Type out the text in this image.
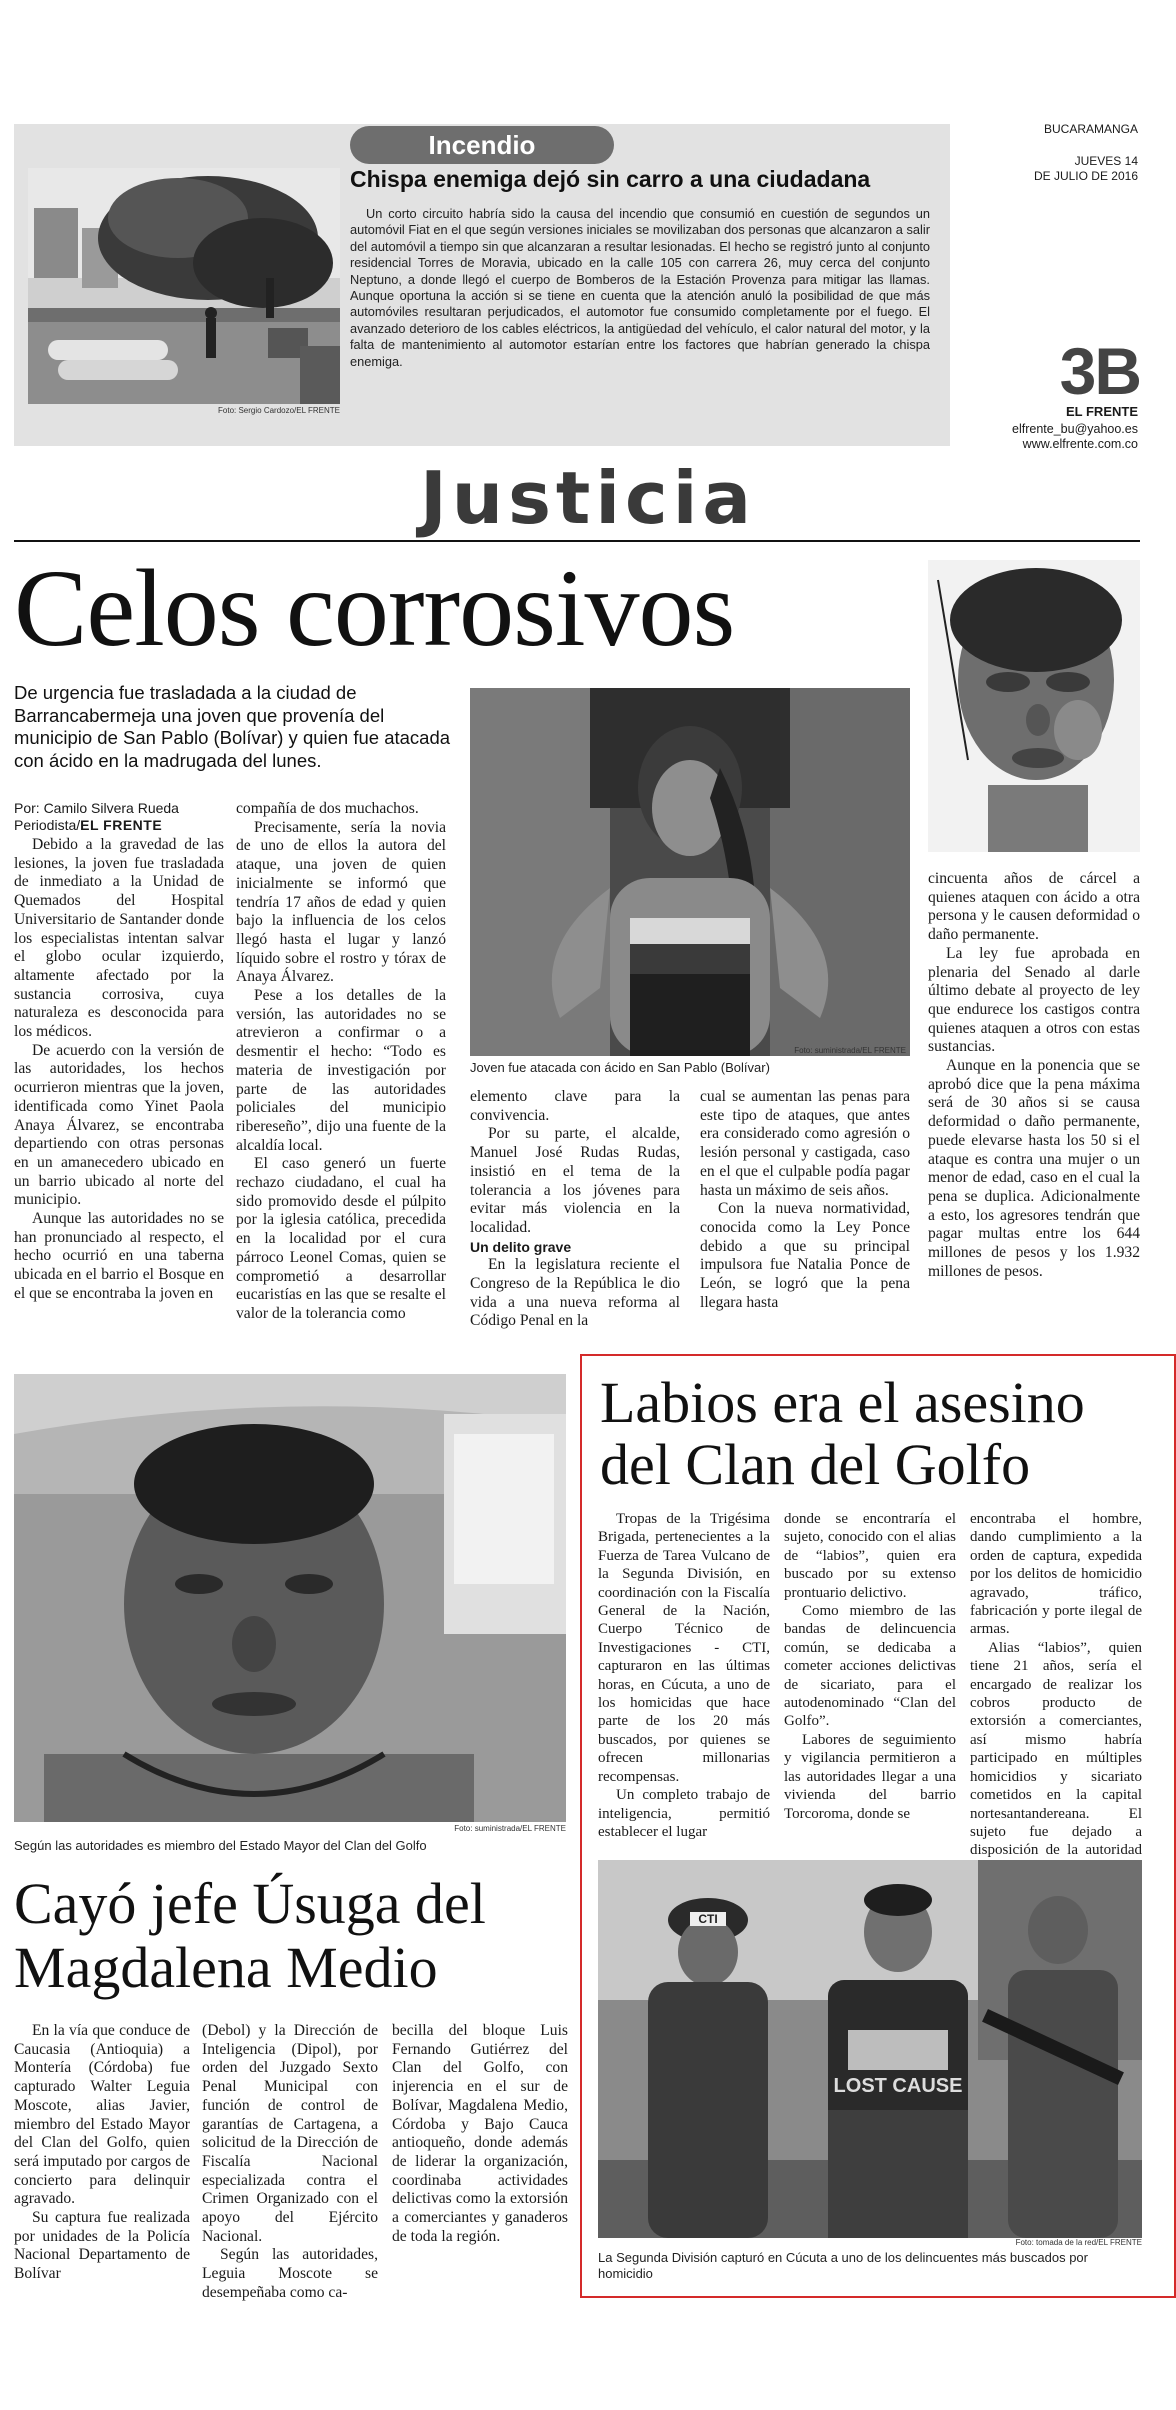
Foto: Sergio Cardozo/EL FRENTE
Incendio
Chispa enemiga dejó sin carro a una ciudadana

Un corto circuito habría sido la causa del incendio que consumió en cuestión de segundos un automóvil Fiat en el que según versiones iniciales se movilizaban dos personas que alcanzaron a salir del automóvil a tiempo sin que alcanzaran a resultar lesionadas. El hecho se registró junto al conjunto residencial Torres de Moravia, ubicado en la calle 105 con carrera 26, muy cerca del conjunto Neptuno, a donde llegó el cuerpo de Bomberos de la Estación Provenza para mitigar las llamas. Aunque oportuna la acción si se tiene en cuenta que la atención anuló la posibilidad de que más automóviles resultaran perjudicados, el automotor fue consumido completamente por el fuego. El avanzado deterioro de los cables eléctricos, la antigüedad del vehículo, el calor natural del motor, y la falta de mantenimiento al automotor estarían entre los factores que habrían generado la chispa enemiga.

BUCARAMANGA
JUEVES 14
DE JULIO DE 2016
3B
EL FRENTE
elfrente_bu@yahoo.es
www.elfrente.com.co
Justicia
Celos corrosivos
De urgencia fue trasladada a la ciudad de Barrancabermeja una joven que provenía del municipio de San Pablo (Bolívar) y quien fue atacada con ácido en la madrugada del lunes.
Por: Camilo Silvera Rueda
Periodista/EL FRENTE

Debido a la gravedad de las lesiones, la joven fue trasladada de inmediato a la Unidad de Quemados del Hospital Universitario de Santander donde los especialistas intentan salvar el globo ocular izquierdo, altamente afectado por la sustancia corrosiva, cuya naturaleza es desconocida para los médicos.

De acuerdo con la versión de las autoridades, los hechos ocurrieron mientras que la joven, identificada como Yinet Paola Anaya Álvarez, se encontraba departiendo con otras personas en un amanecedero ubicado en un barrio ubicado al norte del municipio.

Aunque las autoridades no se han pronunciado al respecto, el hecho ocurrió en una taberna ubicada en el barrio el Bosque en el que se encontraba la joven en

compañía de dos muchachos.

Precisamente, sería la novia de uno de ellos la autora del ataque, una joven de quien inicialmente se informó que tendría 17 años de edad y quien bajo la influencia de los celos llegó hasta el lugar y lanzó líquido sobre el rostro y tórax de Anaya Álvarez.

Pese a los detalles de la versión, las autoridades no se atrevieron a confirmar o a desmentir el hecho: “Todo es materia de investigación por parte de las autoridades policiales del municipio ribereseño”, dijo una fuente de la alcaldía local.

El caso generó un fuerte rechazo ciudadano, el cual ha sido promovido desde el púlpito por la iglesia católica, precedida en la localidad por el cura párroco Leonel Comas, quien se comprometió a desarrollar eucaristías en las que se resalte el valor de la tolerancia como

Foto: suministrada/EL FRENTE
Joven fue atacada con ácido en San Pablo (Bolívar)

elemento clave para la convivencia.

Por su parte, el alcalde, Manuel José Rudas Rudas, insistió en el tema de la tolerancia a los jóvenes para evitar más violencia en la localidad.

Un delito grave

En la legislatura reciente el Congreso de la República le dio vida a una nueva reforma al Código Penal en la

cual se aumentan las penas para este tipo de ataques, que antes era considerado como agresión o lesión personal y castigada, caso en el que el culpable podía pagar hasta un máximo de seis años.

Con la nueva normatividad, conocida como la Ley Ponce debido a que su principal impulsora fue Natalia Ponce de León, se logró que la pena llegara hasta

cincuenta años de cárcel a quienes ataquen con ácido a otra persona y le causen deformidad o daño permanente.

La ley fue aprobada en plenaria del Senado al darle último debate al proyecto de ley que endurece los castigos contra quienes ataquen a otros con estas sustancias.

Aunque en la ponencia que se aprobó dice que la pena máxima será de 30 años si se causa deformidad o daño permanente, puede elevarse hasta los 50 si el ataque es contra una mujer o un menor de edad, caso en el cual la pena se duplica. Adicionalmente a esto, los agresores tendrán que pagar multas entre los 644 millones de pesos y los 1.932 millones de pesos.

Foto: suministrada/EL FRENTE
Según las autoridades es miembro del Estado Mayor del Clan del Golfo
Cayó jefe Úsuga del Magdalena Medio

En la vía que conduce de Caucasia (Antioquia) a Montería (Córdoba) fue capturado Walter Leguia Moscote, alias Javier, miembro del Estado Mayor del Clan del Golfo, quien será imputado por cargos de concierto para delinquir agravado.

Su captura fue realizada por unidades de la Policía Nacional Departamento de Bolívar

(Debol) y la Dirección de Inteligencia (Dipol), por orden del Juzgado Sexto Penal Municipal con función de control de garantías de Cartagena, a solicitud de la Dirección de Fiscalía Nacional especializada contra el Crimen Organizado con el apoyo del Ejército Nacional.

Según las autoridades, Leguia Moscote se desempeñaba como ca-

becilla del bloque Luis Fernando Gutiérrez del Clan del Golfo, con injerencia en el sur de Bolívar, Magdalena Medio, Córdoba y Bajo Cauca antioqueño, donde además de liderar la organización, coordinaba actividades delictivas como la extorsión a comerciantes y ganaderos de toda la región.

Labios era el asesino del Clan del Golfo

Tropas de la Trigésima Brigada, pertenecientes a la Fuerza de Tarea Vulcano de la Segunda División, en coordinación con la Fiscalía General de la Nación, Cuerpo Técnico de Investigaciones - CTI, capturaron en las últimas horas, en Cúcuta, a uno de los homicidas que hace parte de los 20 más buscados, por quienes se ofrecen millonarias recompensas.

Un completo trabajo de inteligencia, permitió establecer el lugar

donde se encontraría el sujeto, conocido con el alias de “labios”, quien era buscado por su extenso prontuario delictivo.

Como miembro de las bandas de delincuencia común, se dedicaba a cometer acciones delictivas de sicariato, para el autodenominado “Clan del Golfo”.

Labores de seguimiento y vigilancia permitieron a las autoridades llegar a una vivienda del barrio Torcoroma, donde se

encontraba el hombre, dando cumplimiento a la orden de captura, expedida por los delitos de homicidio agravado, tráfico, fabricación y porte ilegal de armas.

Alias “labios”, quien tiene 21 años, sería el encargado de realizar los cobros producto de extorsión a comerciantes, así mismo habría participado en múltiples homicidios y sicariato cometidos en la capital nortesantandereana. El sujeto fue dejado a disposición de la autoridad

CTI
LOST CAUSE
Foto: tomada de la red/EL FRENTE
La Segunda División capturó en Cúcuta a uno de los delincuentes más buscados por homicidio
